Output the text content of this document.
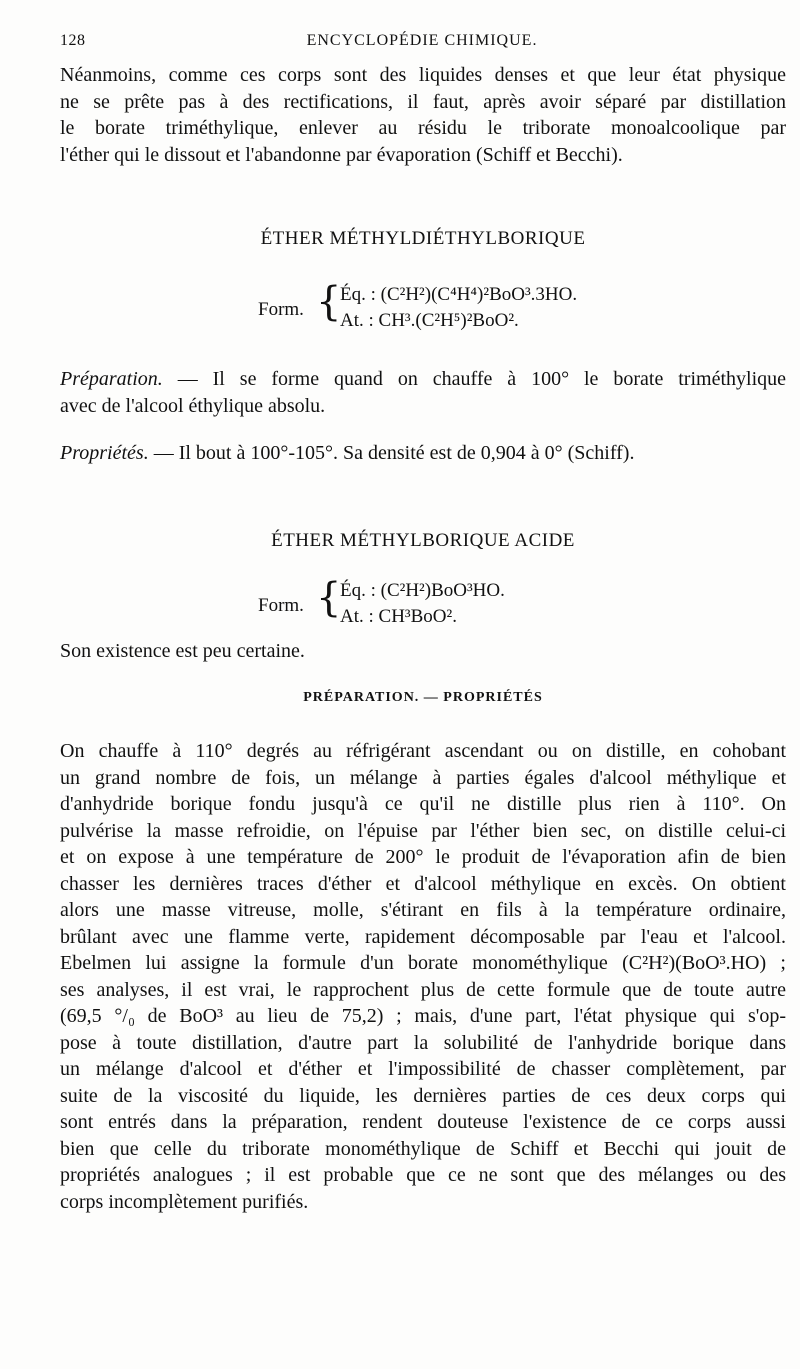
128	ENCYCLOPÉDIE CHIMIQUE.
Néanmoins, comme ces corps sont des liquides denses et que leur état physique
ne se prête pas à des rectifications, il faut, après avoir séparé par distillation
le borate triméthylique, enlever au résidu le triborate monoalcoolique par
l'éther qui le dissout et l'abandonne par évaporation (Schiff et Becchi).
ÉTHER MÉTHYLDIÉTHYLBORIQUE
Form. {
Éq. : (C²H²)(C⁴H⁴)²BoO³.3HO.
At. : CH³.(C²H⁵)²BoO².
Préparation. — Il se forme quand on chauffe à 100° le borate triméthylique
avec de l'alcool éthylique absolu.

Propriétés. — Il bout à 100°-105°. Sa densité est de 0,904 à 0° (Schiff).

ÉTHER MÉTHYLBORIQUE ACIDE
Form. {
Éq. : (C²H²)BoO³HO.
At. : CH³BoO².

Son existence est peu certaine.

PRÉPARATION. — PROPRIÉTÉS
On chauffe à 110° degrés au réfrigérant ascendant ou on distille, en cohobant
un grand nombre de fois, un mélange à parties égales d'alcool méthylique et
d'anhydride borique fondu jusqu'à ce qu'il ne distille plus rien à 110°. On
pulvérise la masse refroidie, on l'épuise par l'éther bien sec, on distille celui-ci
et on expose à une température de 200° le produit de l'évaporation afin de bien
chasser les dernières traces d'éther et d'alcool méthylique en excès. On obtient
alors une masse vitreuse, molle, s'étirant en fils à la température ordinaire,
brûlant avec une flamme verte, rapidement décomposable par l'eau et l'alcool.
Ebelmen lui assigne la formule d'un borate monométhylique (C²H²)(BoO³.HO) ;
ses analyses, il est vrai, le rapprochent plus de cette formule que de toute autre
(69,5 °/₀ de BoO³ au lieu de 75,2) ; mais, d'une part, l'état physique qui s'op-
pose à toute distillation, d'autre part la solubilité de l'anhydride borique dans
un mélange d'alcool et d'éther et l'impossibilité de chasser complètement, par
suite de la viscosité du liquide, les dernières parties de ces deux corps qui
sont entrés dans la préparation, rendent douteuse l'existence de ce corps aussi
bien que celle du triborate monométhylique de Schiff et Becchi qui jouit de
propriétés analogues ; il est probable que ce ne sont que des mélanges ou des
corps incomplètement purifiés.
